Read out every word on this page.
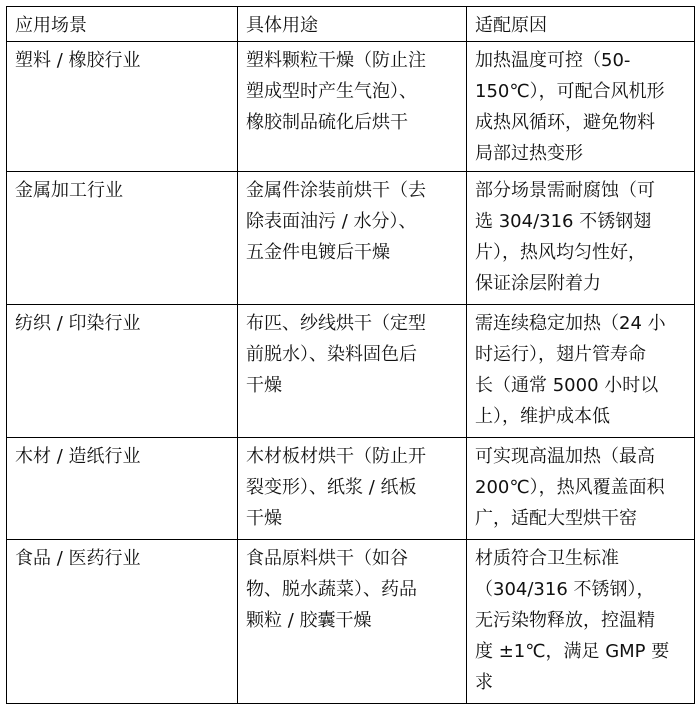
应用场景	具体用途	适配原因
塑料 / 橡胶行业	塑料颗粒干燥（防止注
塑成型时产生气泡）、
橡胶制品硫化后烘干	加热温度可控（50-
150℃），可配合风机形
成热风循环，避免物料
局部过热变形
金属加工行业	金属件涂装前烘干（去
除表面油污 / 水分）、
五金件电镀后干燥	部分场景需耐腐蚀（可
选 304/316 不锈钢翅
片），热风均匀性好，
保证涂层附着力
纺织 / 印染行业	布匹、纱线烘干（定型
前脱水）、染料固色后
干燥	需连续稳定加热（24 小
时运行），翅片管寿命
长（通常 5000 小时以
上），维护成本低
木材 / 造纸行业	木材板材烘干（防止开
裂变形）、纸浆 / 纸板
干燥	可实现高温加热（最高
200℃），热风覆盖面积
广，适配大型烘干窑
食品 / 医药行业	食品原料烘干（如谷
物、脱水蔬菜）、药品
颗粒 / 胶囊干燥	材质符合卫生标准
（304/316 不锈钢），
无污染物释放，控温精
度 ±1℃，满足 GMP 要
求
